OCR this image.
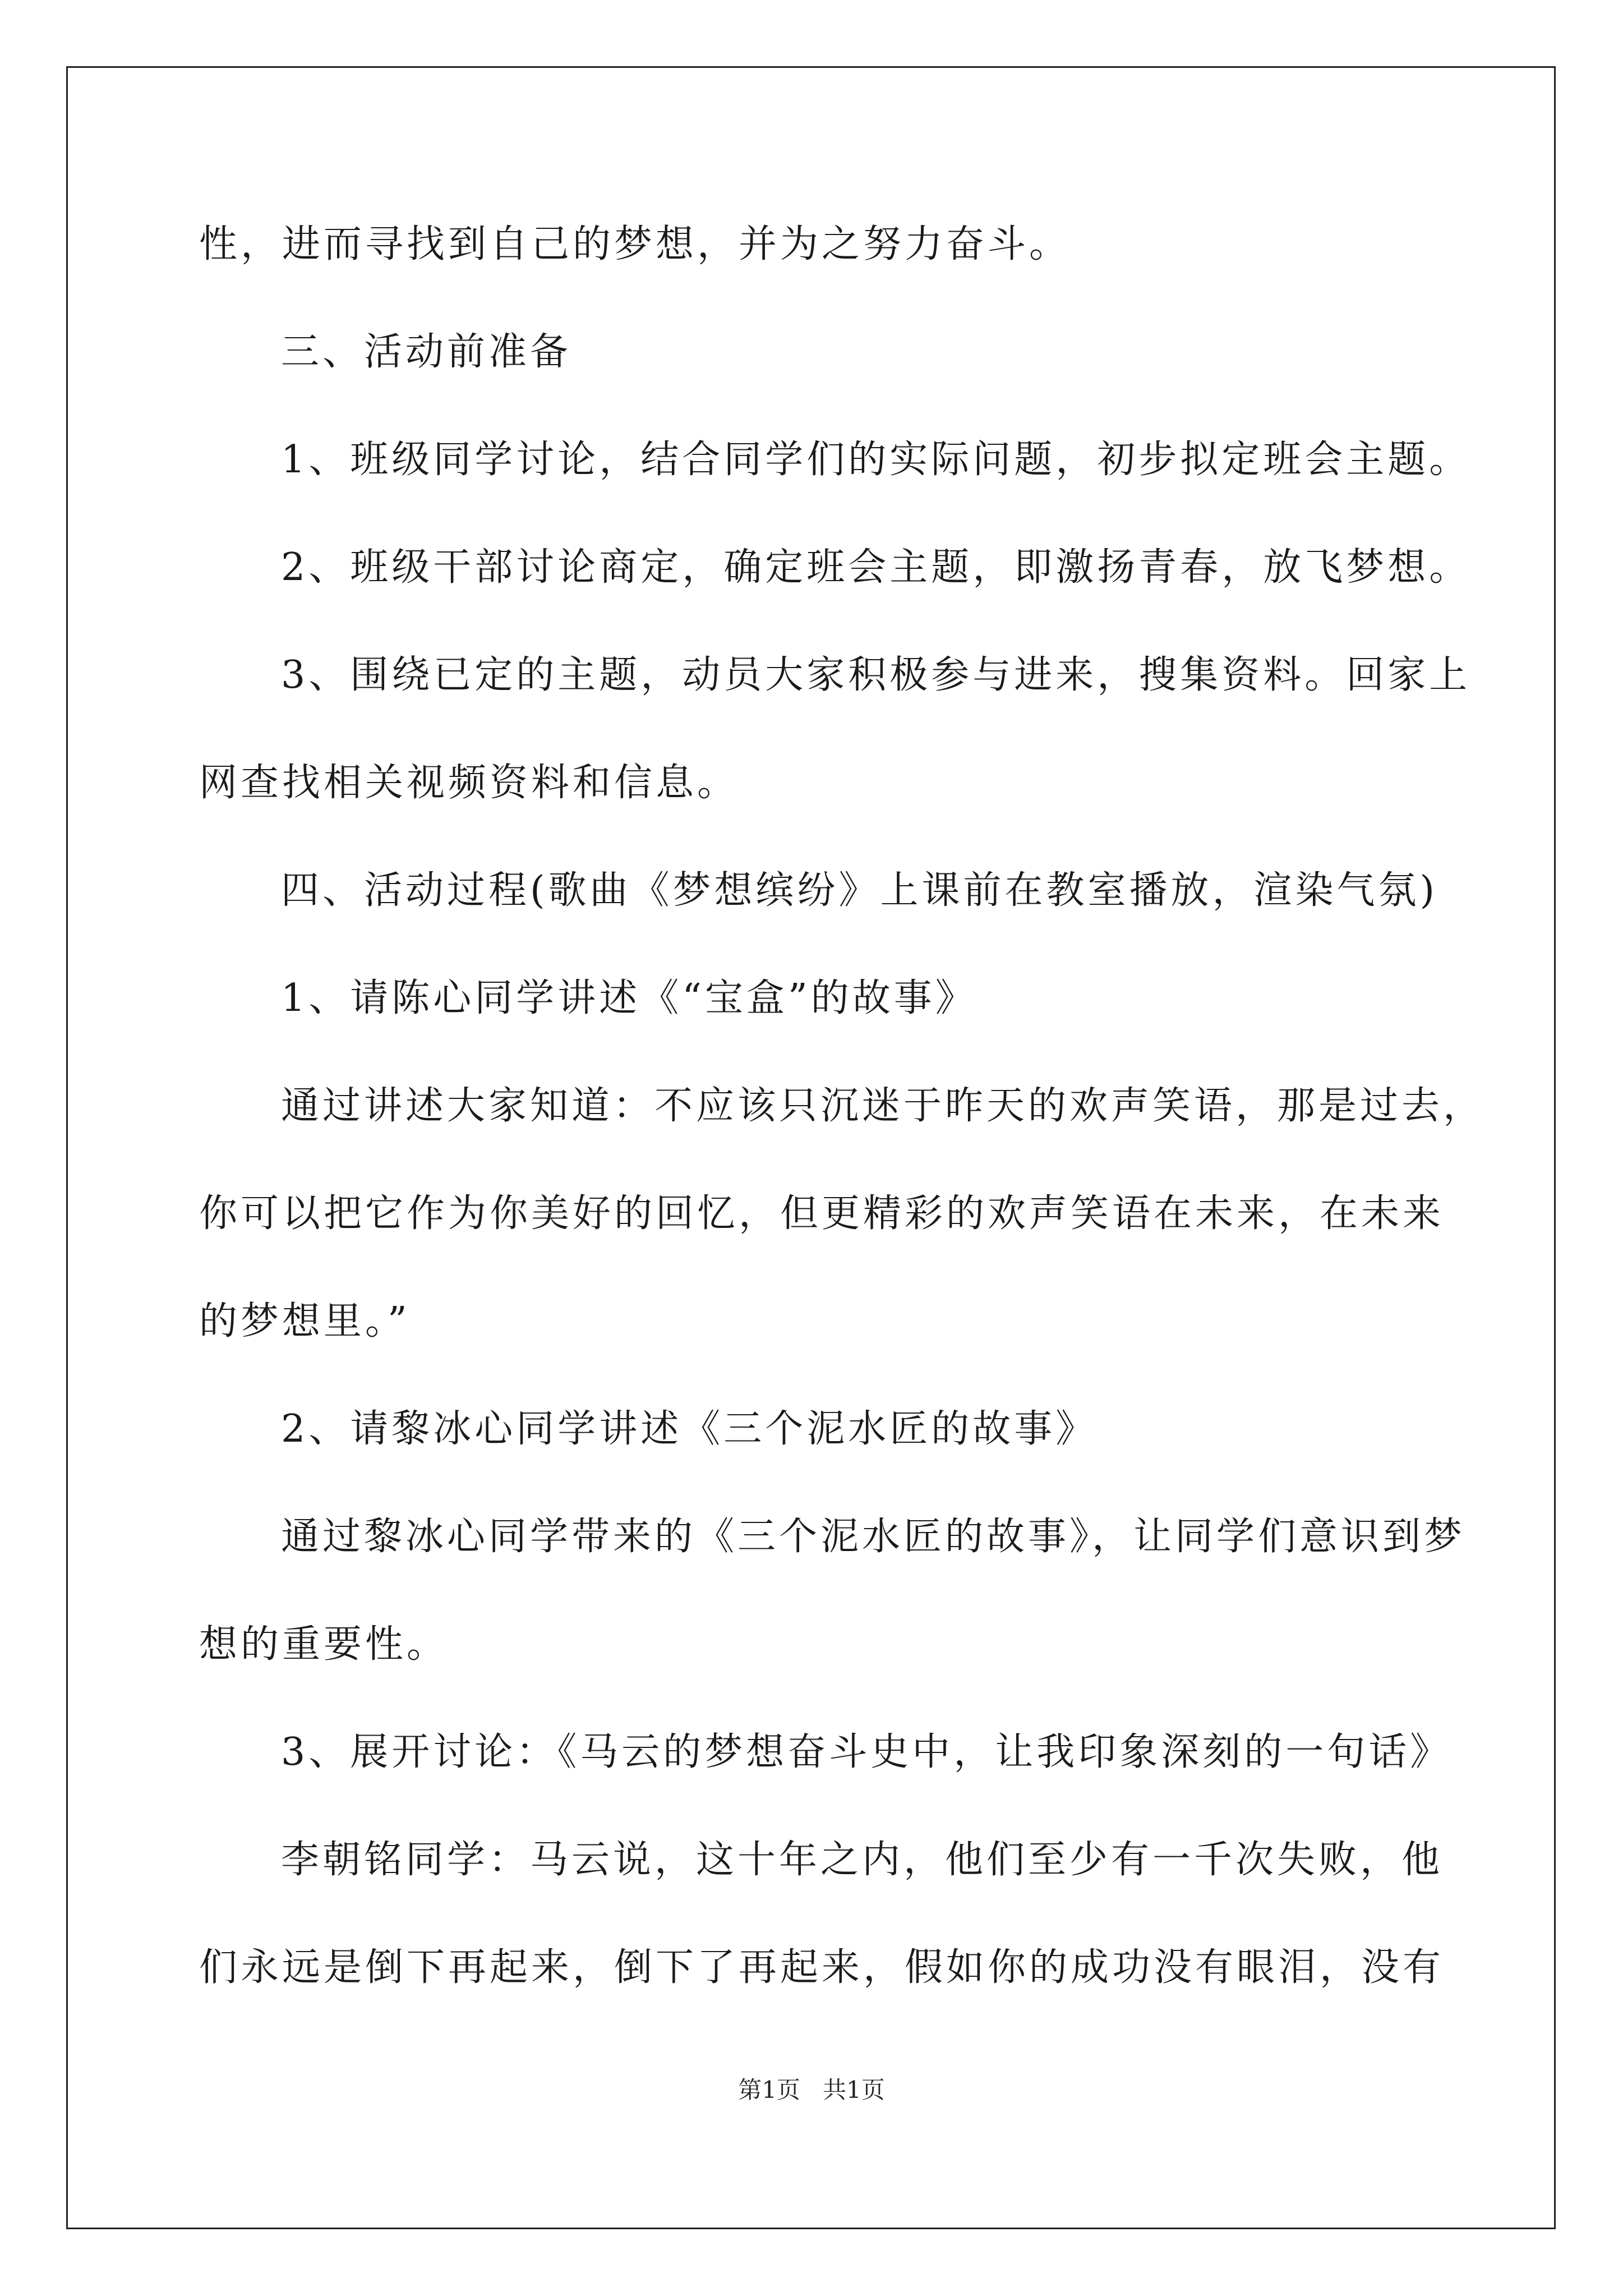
性，进而寻找到自己的梦想，并为之努力奋斗。
三、活动前准备
1、班级同学讨论，结合同学们的实际问题，初步拟定班会主题。
2、班级干部讨论商定，确定班会主题，即激扬青春，放飞梦想。
3、围绕已定的主题，动员大家积极参与进来，搜集资料。回家上
网查找相关视频资料和信息。
四、活动过程(歌曲《梦想缤纷》上课前在教室播放，渲染气氛)
1、请陈心同学讲述《“宝盒”的故事》
通过讲述大家知道：不应该只沉迷于昨天的欢声笑语，那是过去，
你可以把它作为你美好的回忆，但更精彩的欢声笑语在未来，在未来
的梦想里。”
2、请黎冰心同学讲述《三个泥水匠的故事》
通过黎冰心同学带来的《三个泥水匠的故事》，让同学们意识到梦
想的重要性。
3、展开讨论：《马云的梦想奋斗史中，让我印象深刻的一句话》
李朝铭同学：马云说，这十年之内，他们至少有一千次失败，他
们永远是倒下再起来，倒下了再起来，假如你的成功没有眼泪，没有
第1页 共1页
